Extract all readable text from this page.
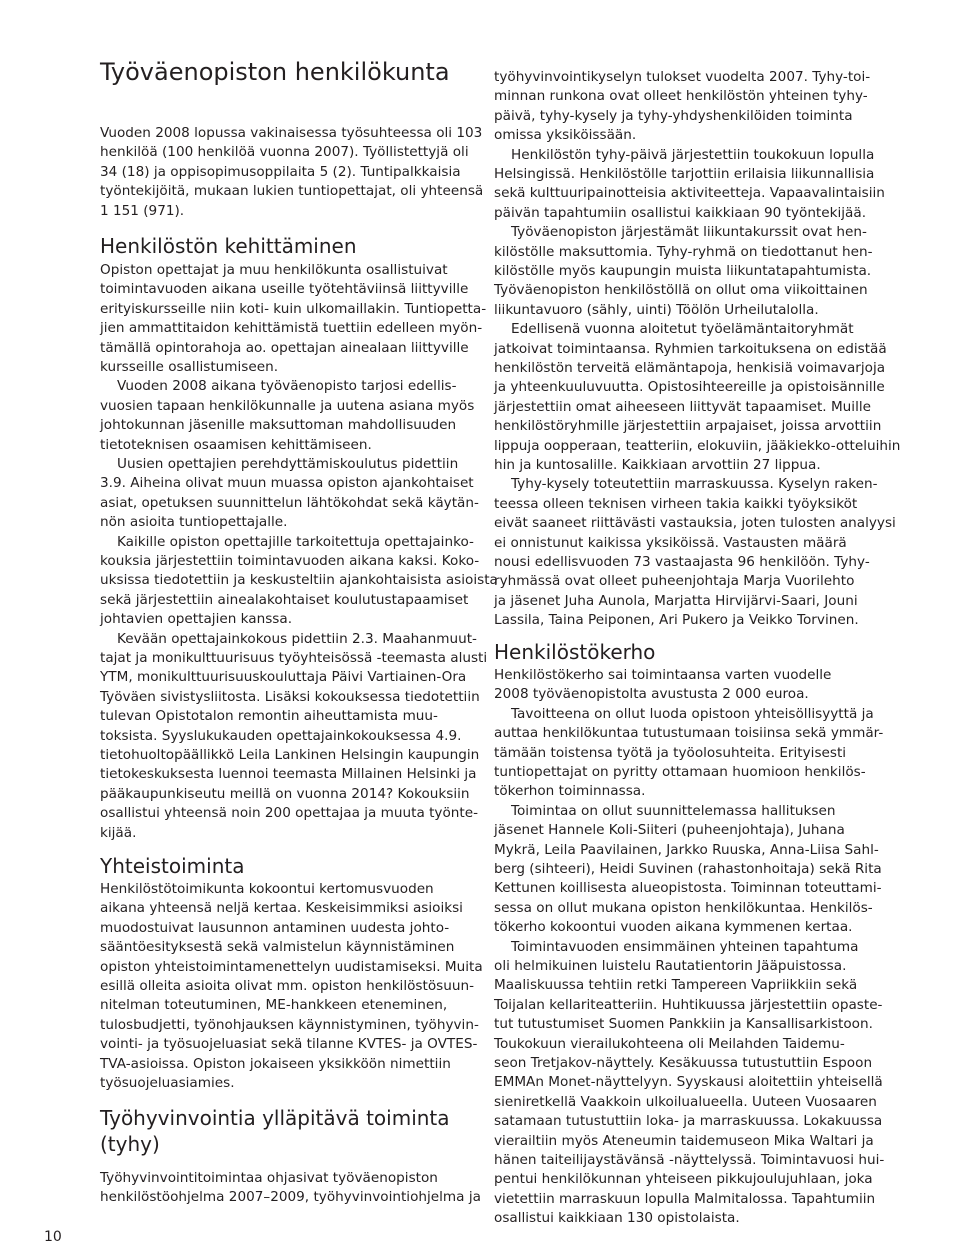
Työväenopiston henkilökunta
Vuoden 2008 lopussa vakinaisessa työsuhteessa oli 103
henkilöä (100 henkilöä vuonna 2007). Työllistettyjä oli
34 (18) ja oppisopimusoppilaita 5 (2). Tuntipalkkaisia
työntekijöitä, mukaan lukien tuntiopettajat, oli yhteensä
1 151 (971).
Henkilöstön kehittäminen
Opiston opettajat ja muu henkilökunta osallistuivat
toimintavuoden aikana useille työtehtäviinsä liittyville
erityiskursseille niin koti- kuin ulkomaillakin. Tuntiopetta-
jien ammattitaidon kehittämistä tuettiin edelleen myön-
tämällä opintorahoja ao. opettajan ainealaan liittyville
kursseille osallistumiseen.
Vuoden 2008 aikana työväenopisto tarjosi edellis-
vuosien tapaan henkilökunnalle ja uutena asiana myös
johtokunnan jäsenille maksuttoman mahdollisuuden
tietoteknisen osaamisen kehittämiseen.
Uusien opettajien perehdyttämiskoulutus pidettiin
3.9. Aiheina olivat muun muassa opiston ajankohtaiset
asiat, opetuksen suunnittelun lähtökohdat sekä käytän-
nön asioita tuntiopettajalle.
Kaikille opiston opettajille tarkoitettuja opettajainko-
kouksia järjestettiin toimintavuoden aikana kaksi. Koko-
uksissa tiedotettiin ja keskusteltiin ajankohtaisista asioista
sekä järjestettiin ainealakohtaiset koulutustapaamiset
johtavien opettajien kanssa.
Kevään opettajainkokous pidettiin 2.3. Maahanmuut-
tajat ja monikulttuurisuus työyhteisössä -teemasta alusti
YTM, monikulttuurisuuskouluttaja Päivi Vartiainen-Ora
Työväen sivistysliitosta. Lisäksi kokouksessa tiedotettiin
tulevan Opistotalon remontin aiheuttamista muu-
toksista. Syyslukukauden opettajainkokouksessa 4.9.
tietohuoltopäällikkö Leila Lankinen Helsingin kaupungin
tietokeskuksesta luennoi teemasta Millainen Helsinki ja
pääkaupunkiseutu meillä on vuonna 2014? Kokouksiin
osallistui yhteensä noin 200 opettajaa ja muuta työnte-
kijää.
Yhteistoiminta
Henkilöstötoimikunta kokoontui kertomusvuoden
aikana yhteensä neljä kertaa. Keskeisimmiksi asioiksi
muodostuivat lausunnon antaminen uudesta johto-
sääntöesityksestä sekä valmistelun käynnistäminen
opiston yhteistoimintamenettelyn uudistamiseksi. Muita
esillä olleita asioita olivat mm. opiston henkilöstösuun-
nitelman toteutuminen, ME-hankkeen eteneminen,
tulosbudjetti, työnohjauksen käynnistyminen, työhyvin-
vointi- ja työsuojeluasiat sekä tilanne KVTES- ja OVTES-
TVA-asioissa. Opiston jokaiseen yksikköön nimettiin
työsuojeluasiamies.
Työhyvinvointia ylläpitävä toiminta
(tyhy)
Työhyvinvointitoimintaa ohjasivat työväenopiston
henkilöstöohjelma 2007–2009, työhyvinvointiohjelma ja
työhyvinvointikyselyn tulokset vuodelta 2007. Tyhy-toi-
minnan runkona ovat olleet henkilöstön yhteinen tyhy-
päivä, tyhy-kysely ja tyhy-yhdyshenkilöiden toiminta
omissa yksiköissään.
Henkilöstön tyhy-päivä järjestettiin toukokuun lopulla
Helsingissä. Henkilöstölle tarjottiin erilaisia liikunnallisia
sekä kulttuuripainotteisia aktiviteetteja. Vapaavalintaisiin
päivän tapahtumiin osallistui kaikkiaan 90 työntekijää.
Työväenopiston järjestämät liikuntakurssit ovat hen-
kilöstölle maksuttomia. Tyhy-ryhmä on tiedottanut hen-
kilöstölle myös kaupungin muista liikuntatapahtumista.
Työväenopiston henkilöstöllä on ollut oma viikoittainen
liikuntavuoro (sähly, uinti) Töölön Urheilutalolla.
Edellisenä vuonna aloitetut työelämäntaitoryhmät
jatkoivat toimintaansa. Ryhmien tarkoituksena on edistää
henkilöstön terveitä elämäntapoja, henkisiä voimavarjoja
ja yhteenkuuluvuutta. Opistosihteereille ja opistoisännille
järjestettiin omat aiheeseen liittyvät tapaamiset. Muille
henkilöstöryhmille järjestettiin arpajaiset, joissa arvottiin
lippuja oopperaan, teatteriin, elokuviin, jääkiekko-otteluihin
hin ja kuntosalille. Kaikkiaan arvottiin 27 lippua.
Tyhy-kysely toteutettiin marraskuussa. Kyselyn raken-
teessa olleen teknisen virheen takia kaikki työyksiköt
eivät saaneet riittävästi vastauksia, joten tulosten analyysi
ei onnistunut kaikissa yksiköissä. Vastausten määrä
nousi edellisvuoden 73 vastaajasta 96 henkilöön. Tyhy-
ryhmässä ovat olleet puheenjohtaja Marja Vuorilehto
ja jäsenet Juha Aunola, Marjatta Hirvijärvi-Saari, Jouni
Lassila, Taina Peiponen, Ari Pukero ja Veikko Torvinen.
Henkilöstökerho
Henkilöstökerho sai toimintaansa varten vuodelle
2008 työväenopistolta avustusta 2 000 euroa.
Tavoitteena on ollut luoda opistoon yhteisöllisyyttä ja
auttaa henkilökuntaa tutustumaan toisiinsa sekä ymmär-
tämään toistensa työtä ja työolosuhteita. Erityisesti
tuntiopettajat on pyritty ottamaan huomioon henkilös-
tökerhon toiminnassa.
Toimintaa on ollut suunnittelemassa hallituksen
jäsenet Hannele Koli-Siiteri (puheenjohtaja), Juhana
Mykrä, Leila Paavilainen, Jarkko Ruuska, Anna-Liisa Sahl-
berg (sihteeri), Heidi Suvinen (rahastonhoitaja) sekä Rita
Kettunen koillisesta alueopistosta. Toiminnan toteuttami-
sessa on ollut mukana opiston henkilökuntaa. Henkilös-
tökerho kokoontui vuoden aikana kymmenen kertaa.
Toimintavuoden ensimmäinen yhteinen tapahtuma
oli helmikuinen luistelu Rautatientorin Jääpuistossa.
Maaliskuussa tehtiin retki Tampereen Vapriikkiin sekä
Toijalan kellariteatteriin. Huhtikuussa järjestettiin opaste-
tut tutustumiset Suomen Pankkiin ja Kansallisarkistoon.
Toukokuun vierailukohteena oli Meilahden Taidemu-
seon Tretjakov-näyttely. Kesäkuussa tutustuttiin Espoon
EMMAn Monet-näyttelyyn. Syyskausi aloitettiin yhteisellä
sieniretkellä Vaakkoin ulkoilualueella. Uuteen Vuosaaren
satamaan tutustuttiin loka- ja marraskuussa. Lokakuussa
vierailtiin myös Ateneumin taidemuseon Mika Waltari ja
hänen taiteilijaystävänsä -näyttelyssä. Toimintavuosi hui-
pentui henkilökunnan yhteiseen pikkujoulujuhlaan, joka
vietettiin marraskuun lopulla Malmitalossa. Tapahtumiin
osallistui kaikkiaan 130 opistolaista.
10
